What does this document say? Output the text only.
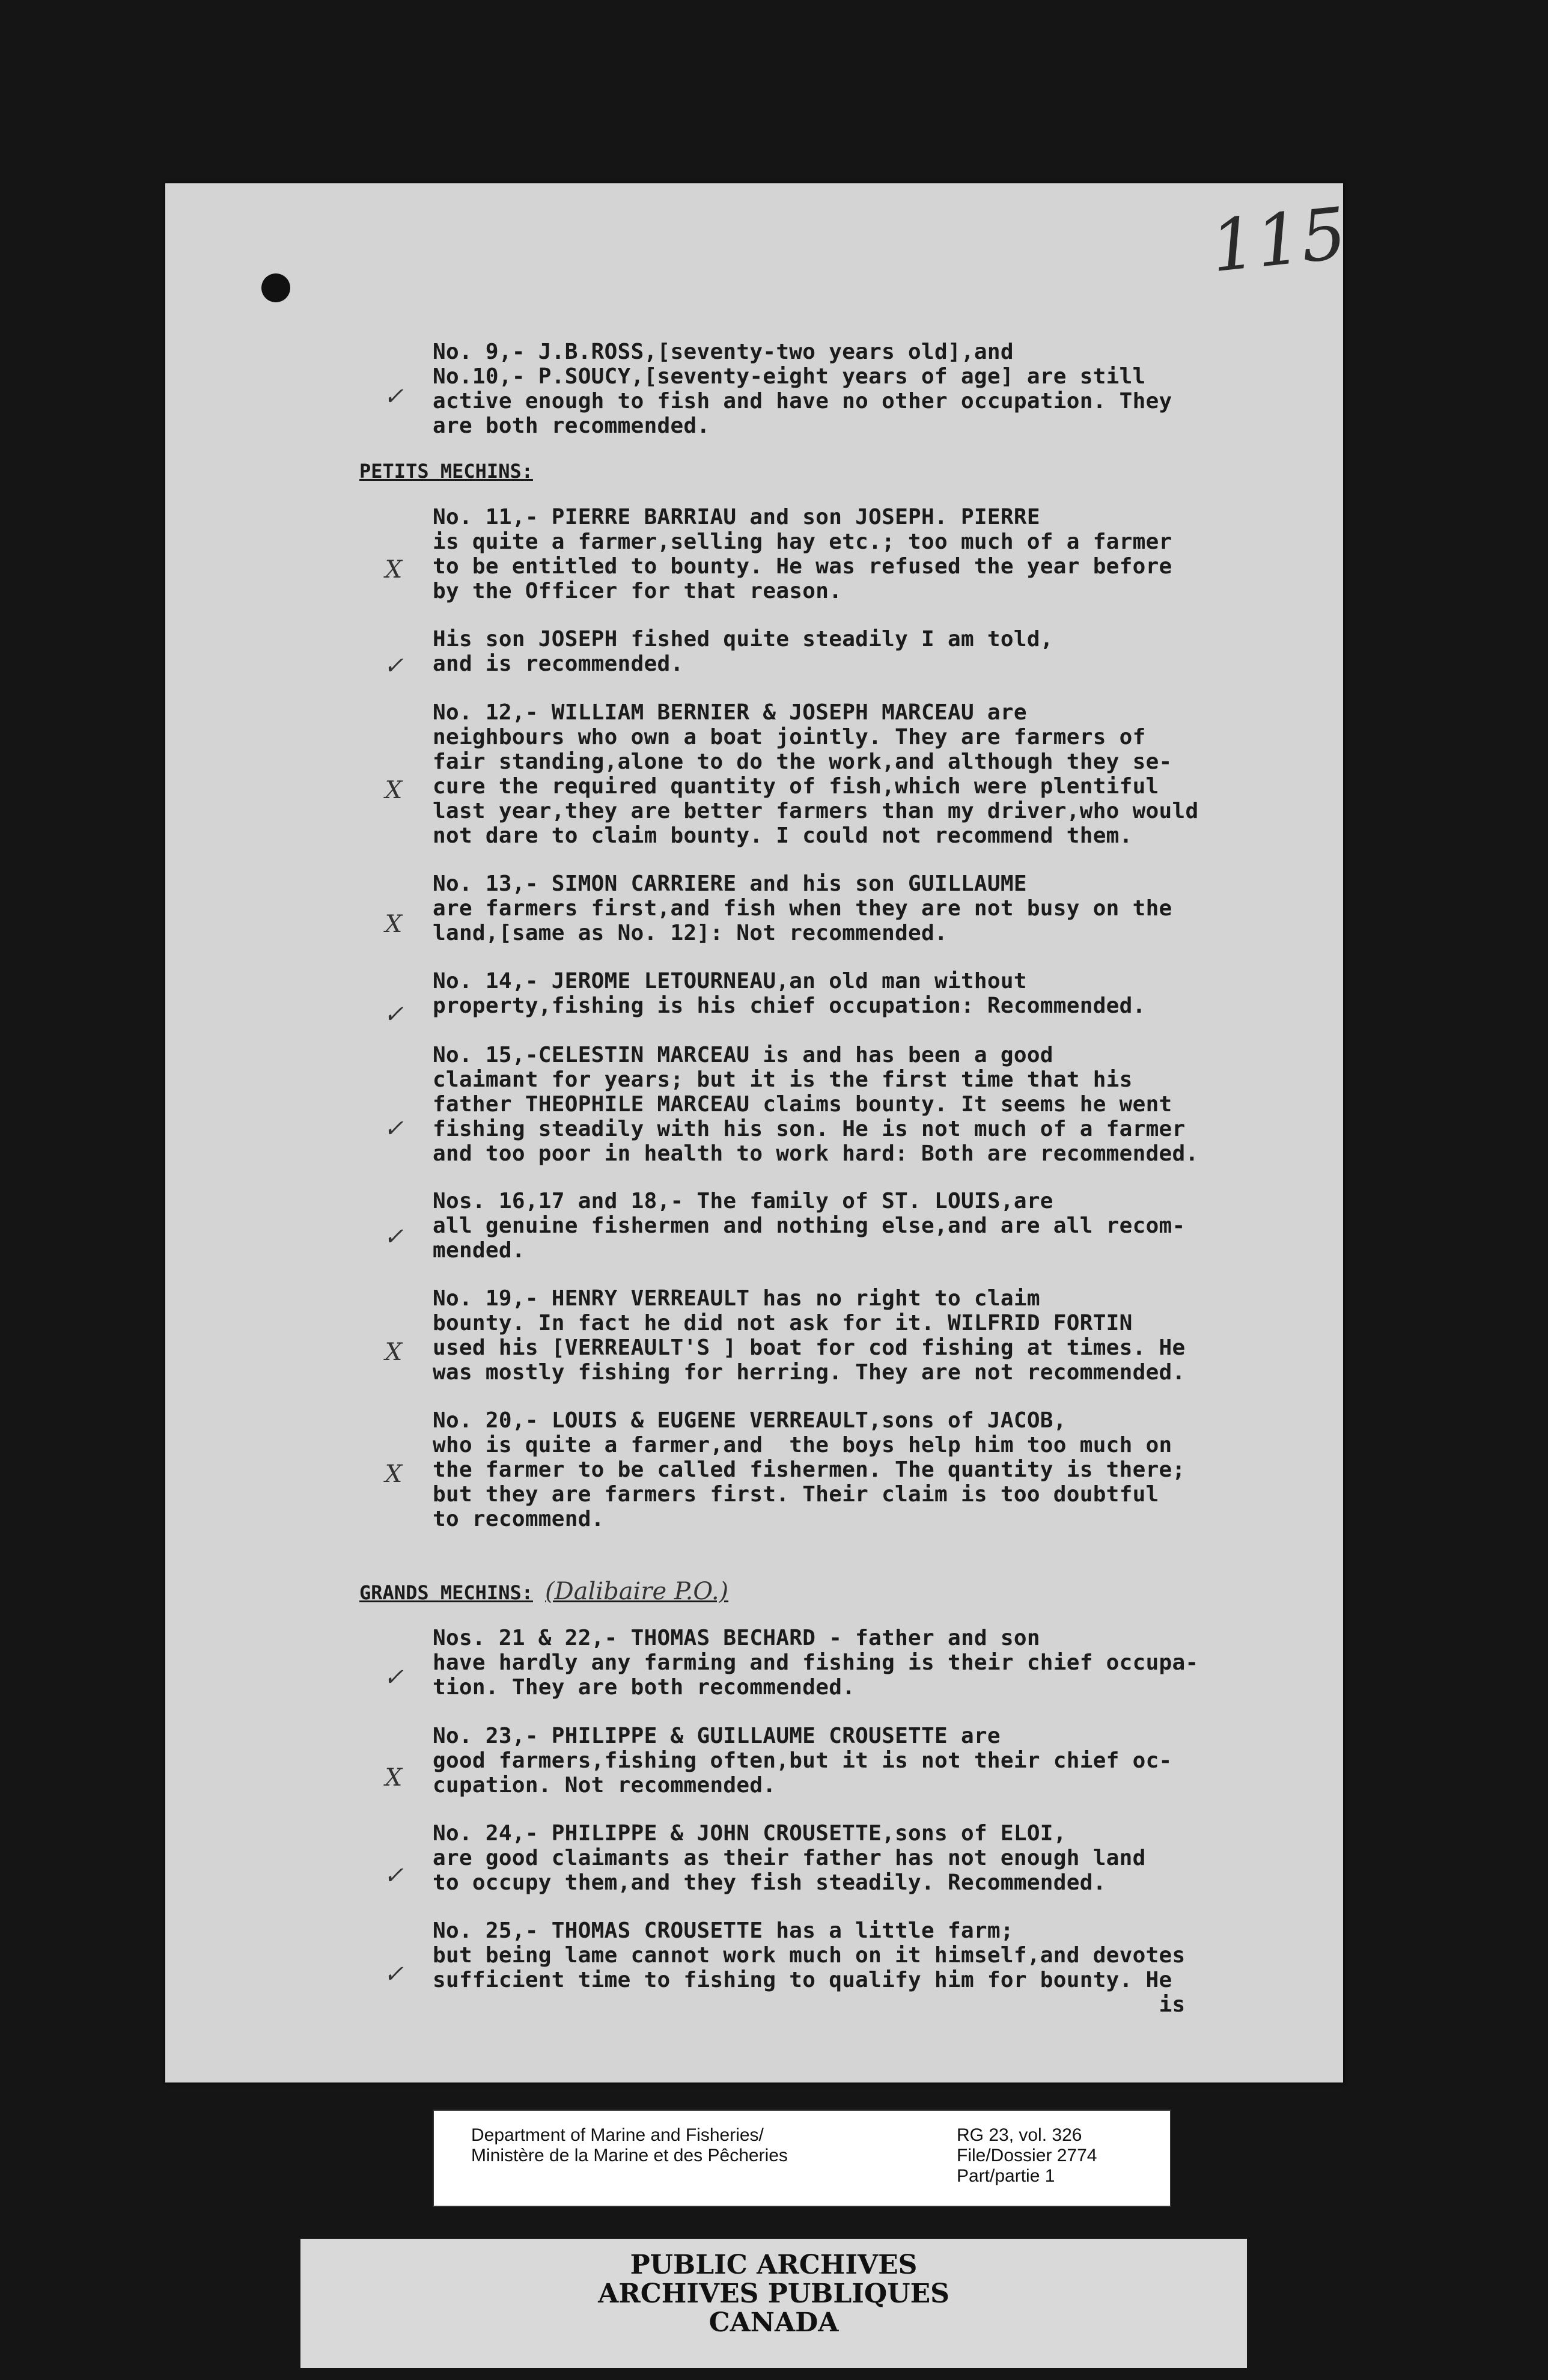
115

No. 9,- J.B.ROSS,[seventy-two years old],and
No.10,- P.SOUCY,[seventy-eight years of age] are still
active enough to fish and have no other occupation. They
are both recommended.

PETITS MECHINS:

No. 11,- PIERRE BARRIAU and son JOSEPH. PIERRE
is quite a farmer,selling hay etc.; too much of a farmer
to be entitled to bounty. He was refused the year before
by the Officer for that reason.

His son JOSEPH fished quite steadily I am told,
and is recommended.

No. 12,- WILLIAM BERNIER & JOSEPH MARCEAU are
neighbours who own a boat jointly. They are farmers of
fair standing,alone to do the work,and although they se-
cure the required quantity of fish,which were plentiful
last year,they are better farmers than my driver,who would
not dare to claim bounty. I could not recommend them.

No. 13,- SIMON CARRIERE and his son GUILLAUME
are farmers first,and fish when they are not busy on the
land,[same as No. 12]: Not recommended.

No. 14,- JEROME LETOURNEAU,an old man without
property,fishing is his chief occupation: Recommended.

No. 15,-CELESTIN MARCEAU is and has been a good
claimant for years; but it is the first time that his
father THEOPHILE MARCEAU claims bounty. It seems he went
fishing steadily with his son. He is not much of a farmer
and too poor in health to work hard: Both are recommended.

Nos. 16,17 and 18,- The family of ST. LOUIS,are
all genuine fishermen and nothing else,and are all recom-
mended.

No. 19,- HENRY VERREAULT has no right to claim
bounty. In fact he did not ask for it. WILFRID FORTIN
used his [VERREAULT'S ] boat for cod fishing at times. He
was mostly fishing for herring. They are not recommended.

No. 20,- LOUIS & EUGENE VERREAULT,sons of JACOB,
who is quite a farmer,and  the boys help him too much on
the farmer to be called fishermen. The quantity is there;
but they are farmers first. Their claim is too doubtful
to recommend.

GRANDS MECHINS: (Dalibaire P.O.)

Nos. 21 & 22,- THOMAS BECHARD - father and son
have hardly any farming and fishing is their chief occupa-
tion. They are both recommended.

No. 23,- PHILIPPE & GUILLAUME CROUSETTE are
good farmers,fishing often,but it is not their chief oc-
cupation. Not recommended.

No. 24,- PHILIPPE & JOHN CROUSETTE,sons of ELOI,
are good claimants as their father has not enough land
to occupy them,and they fish steadily. Recommended.

No. 25,- THOMAS CROUSETTE has a little farm;
but being lame cannot work much on it himself,and devotes
sufficient time to fishing to qualify him for bounty. He
is

✓
X
✓
X
X
✓
✓
✓
X
X
✓
X
✓
✓
Department of Marine and Fisheries/
Ministère de la Marine et des Pêcheries
RG 23, vol. 326
File/Dossier 2774
Part/partie 1
PUBLIC ARCHIVES
ARCHIVES PUBLIQUES
CANADA
